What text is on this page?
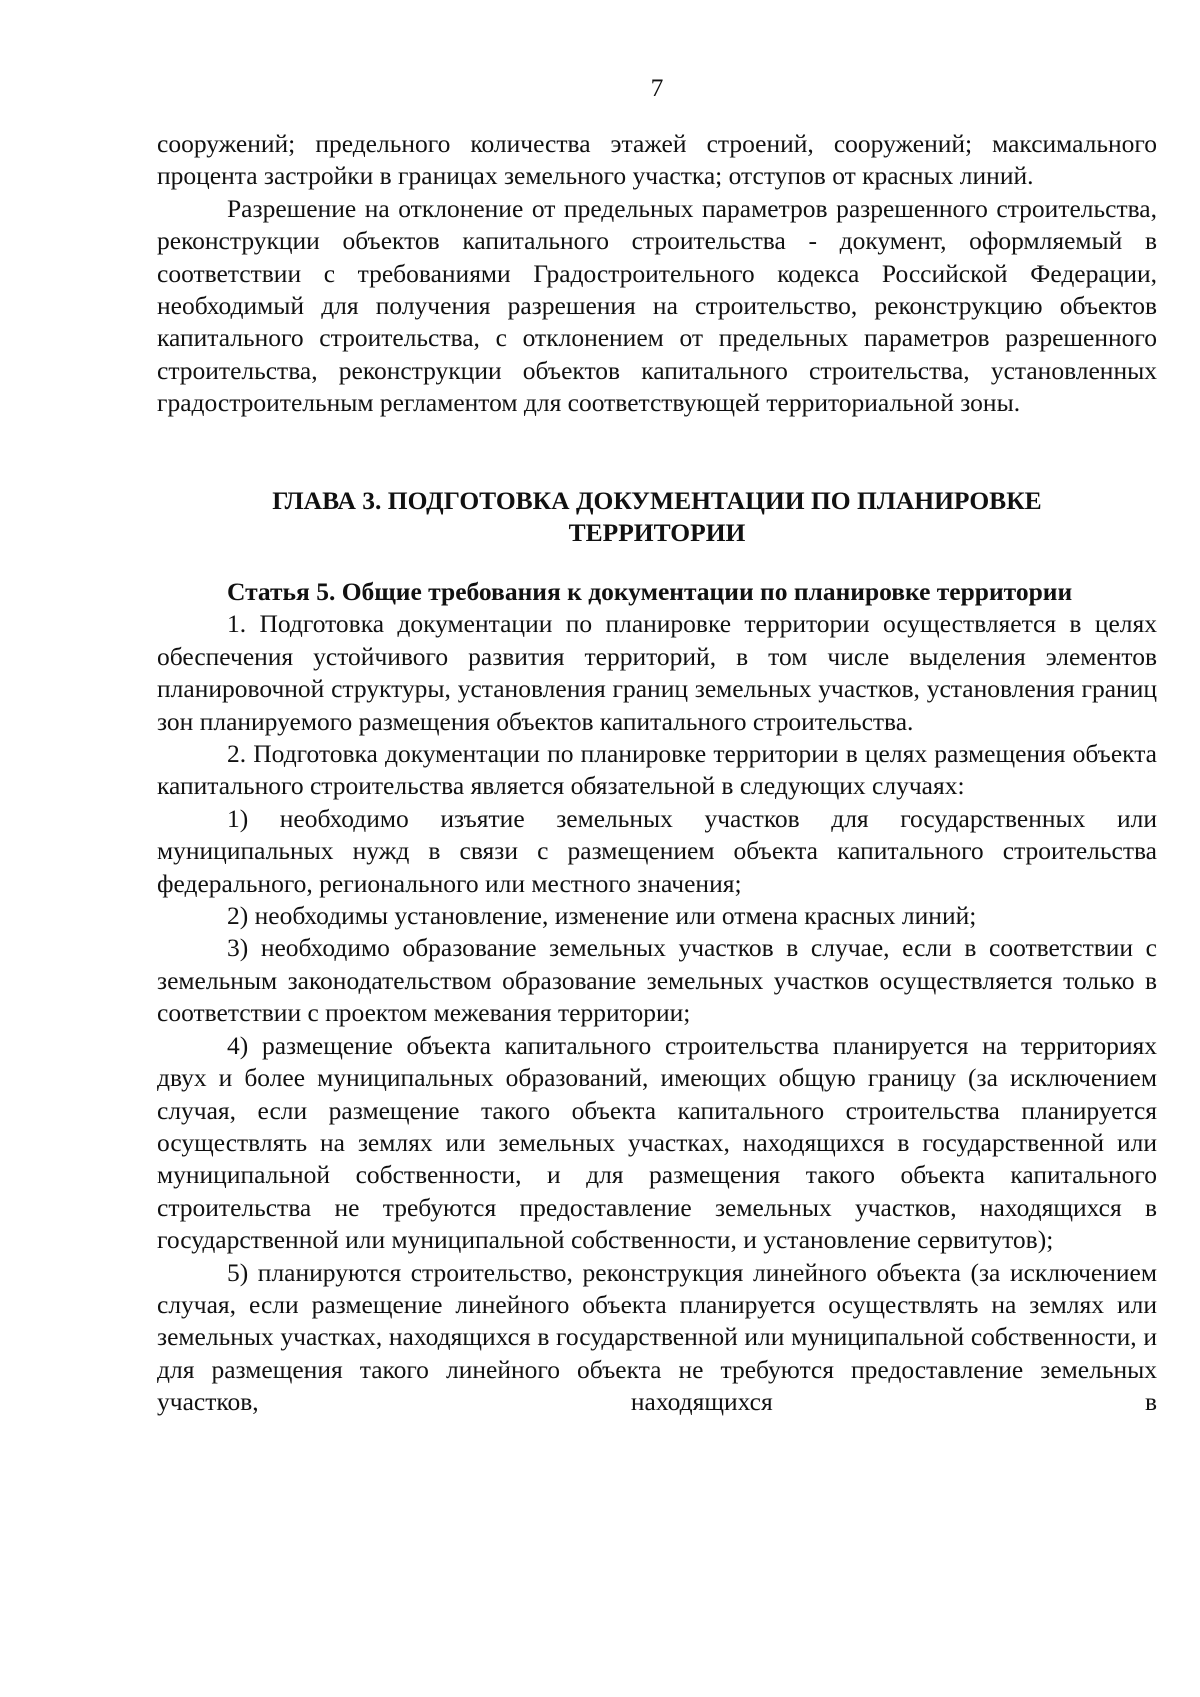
7

сооружений; предельного количества этажей строений, сооружений; максимального процента застройки в границах земельного участка; отступов от красных линий.

Разрешение на отклонение от предельных параметров разрешенного строительства, реконструкции объектов капитального строительства - документ, оформляемый в соответствии с требованиями Градостроительного кодекса Российской Федерации, необходимый для получения разрешения на строительство, реконструкцию объектов капитального строительства, с отклонением от предельных параметров разрешенного строительства, реконструкции объектов капитального строительства, установленных градостроительным регламентом для соответствующей территориальной зоны.

ГЛАВА 3. ПОДГОТОВКА ДОКУМЕНТАЦИИ ПО ПЛАНИРОВКЕ

ТЕРРИТОРИИ

Статья 5. Общие требования к документации по планировке территории

1. Подготовка документации по планировке территории осуществляется в целях обеспечения устойчивого развития территорий, в том числе выделения элементов планировочной структуры, установления границ земельных участков, установления границ зон планируемого размещения объектов капитального строительства.

2. Подготовка документации по планировке территории в целях размещения объекта капитального строительства является обязательной в следующих случаях:

1) необходимо изъятие земельных участков для государственных или муниципальных нужд в связи с размещением объекта капитального строительства федерального, регионального или местного значения;

2) необходимы установление, изменение или отмена красных линий;

3) необходимо образование земельных участков в случае, если в соответствии с земельным законодательством образование земельных участков осуществляется только в соответствии с проектом межевания территории;

4) размещение объекта капитального строительства планируется на территориях двух и более муниципальных образований, имеющих общую границу (за исключением случая, если размещение такого объекта капитального строительства планируется осуществлять на землях или земельных участках, находящихся в государственной или муниципальной собственности, и для размещения такого объекта капитального строительства не требуются предоставление земельных участков, находящихся в государственной или муниципальной собственности, и установление сервитутов);

5) планируются строительство, реконструкция линейного объекта (за исключением случая, если размещение линейного объекта планируется осуществлять на землях или земельных участках, находящихся в государственной или муниципальной собственности, и для размещения такого линейного объекта не требуются предоставление земельных участков, находящихся в
